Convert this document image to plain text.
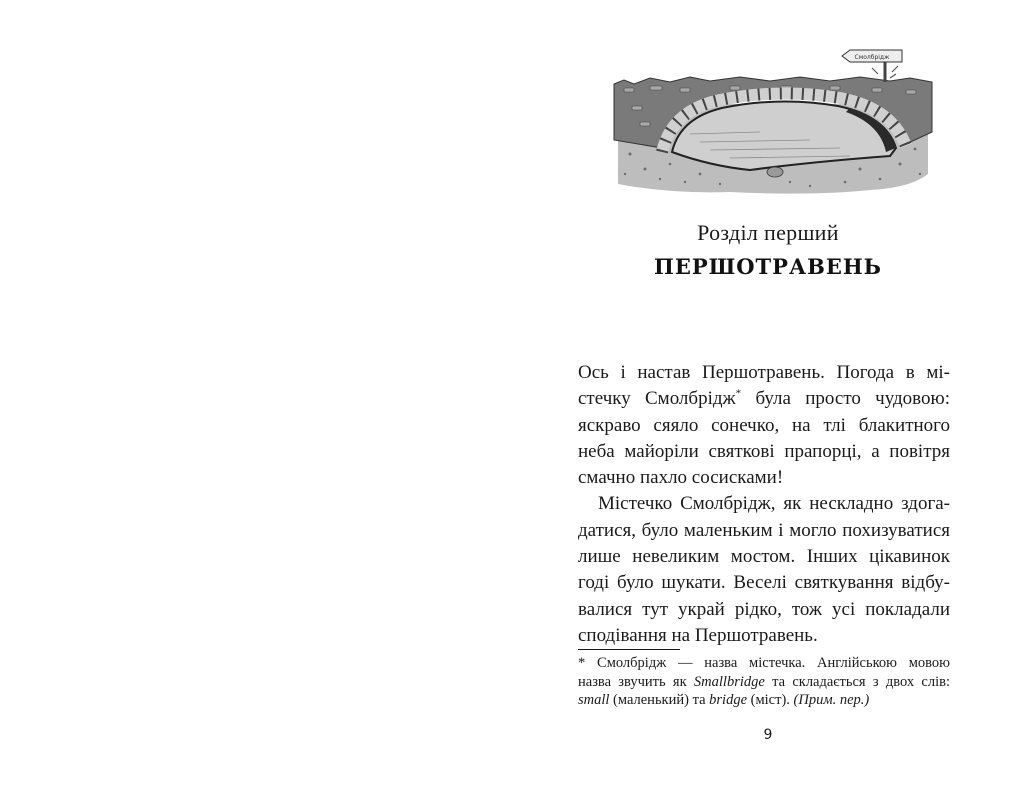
Смолбрідж
Розділ перший
ПЕРШОТРАВЕНЬ

Ось і настав Першотравень. Погода в мі-
стечку Смолбрідж* була просто чудовою:
яскраво сяяло сонечко, на тлі блакитного
неба майоріли святкові прапорці, а повітря
смачно пахло сосисками!

Містечко Смолбрідж, як нескладно здога-
датися, було маленьким і могло похизуватися
лише невеликим мостом. Інших цікавинок
годі було шукати. Веселі святкування відбу-
валися тут украй рідко, тож усі покладали
сподівання на Першотравень.

* Смолбрідж — назва містечка. Англійською мовою
назва звучить як Smallbridge та складається з двох слів:
small (маленький) та bridge (міст). (Прим. пер.)
9
